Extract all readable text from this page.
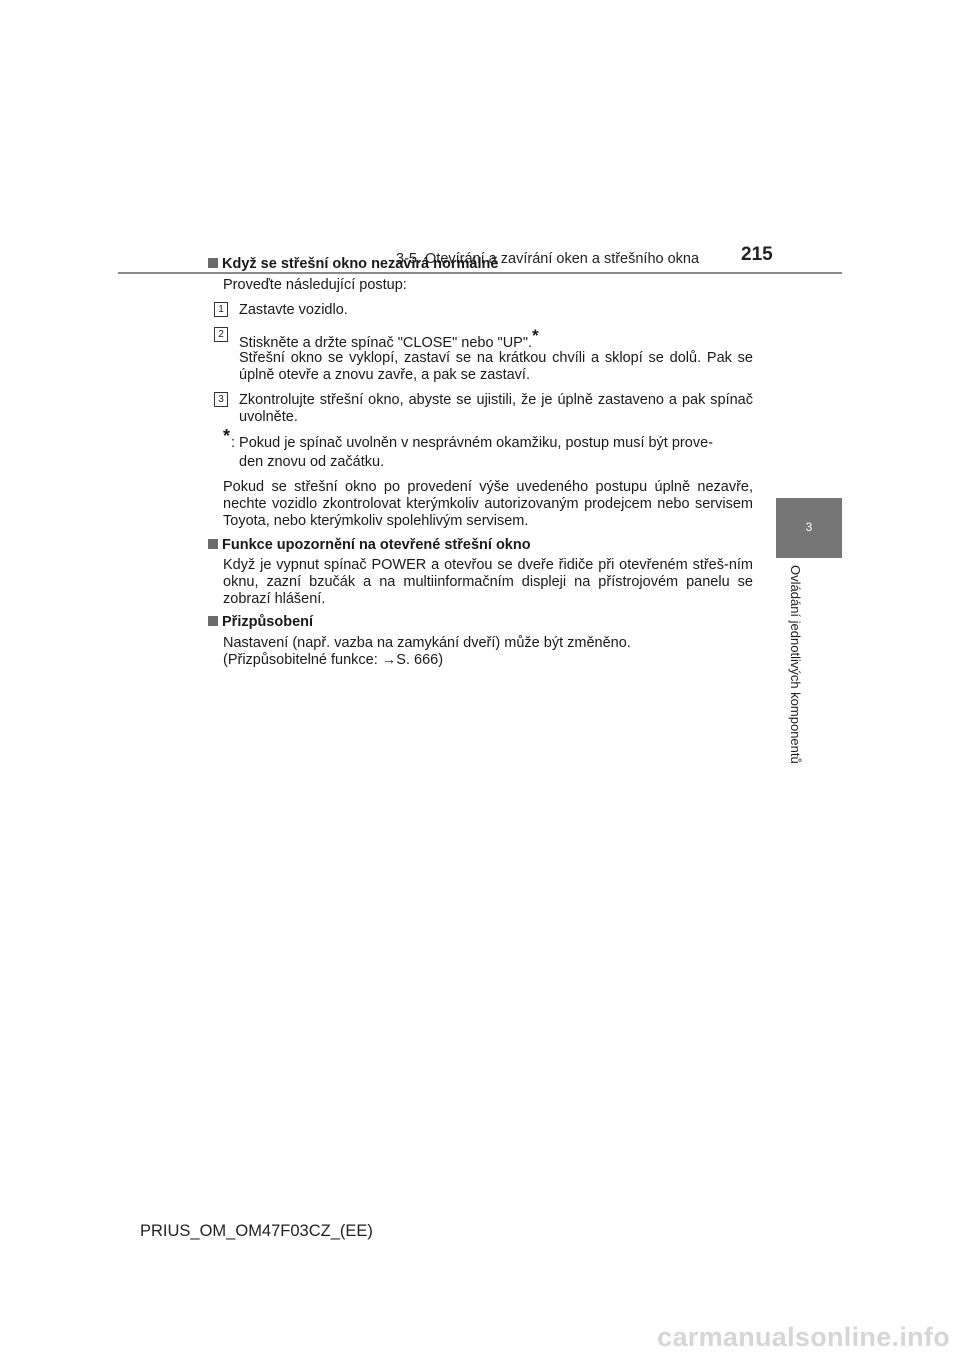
3-5. Otevírání a zavírání oken a střešního okna 215
3
Ovládání jednotlivých komponentů
Když se střešní okno nezavírá normálně
Proveďte následující postup:
1 Zastavte vozidlo.
2
Stiskněte a držte spínač "CLOSE" nebo "UP".*
Střešní okno se vyklopí, zastaví se na krátkou chvíli a sklopí se dolů. Pak se úplně otevře a znovu zavře, a pak se zastaví.
3 Zkontrolujte střešní okno, abyste se ujistili, že je úplně zastaveno a pak spínač uvolněte.
* : Pokud je spínač uvolněn v nesprávném okamžiku, postup musí být prove-
den znovu od začátku.
Pokud se střešní okno po provedení výše uvedeného postupu úplně nezavře, nechte vozidlo zkontrolovat kterýmkoliv autorizovaným prodejcem nebo servisem Toyota, nebo kterýmkoliv spolehlivým servisem.
Funkce upozornění na otevřené střešní okno
Když je vypnut spínač POWER a otevřou se dveře řidiče při otevřeném střeš-ním oknu, zazní bzučák a na multiinformačním displeji na přístrojovém panelu se zobrazí hlášení.
Přizpůsobení
Nastavení (např. vazba na zamykání dveří) může být změněno.
(Přizpůsobitelné funkce: →S. 666)
PRIUS_OM_OM47F03CZ_(EE)
carmanualsonline.info
